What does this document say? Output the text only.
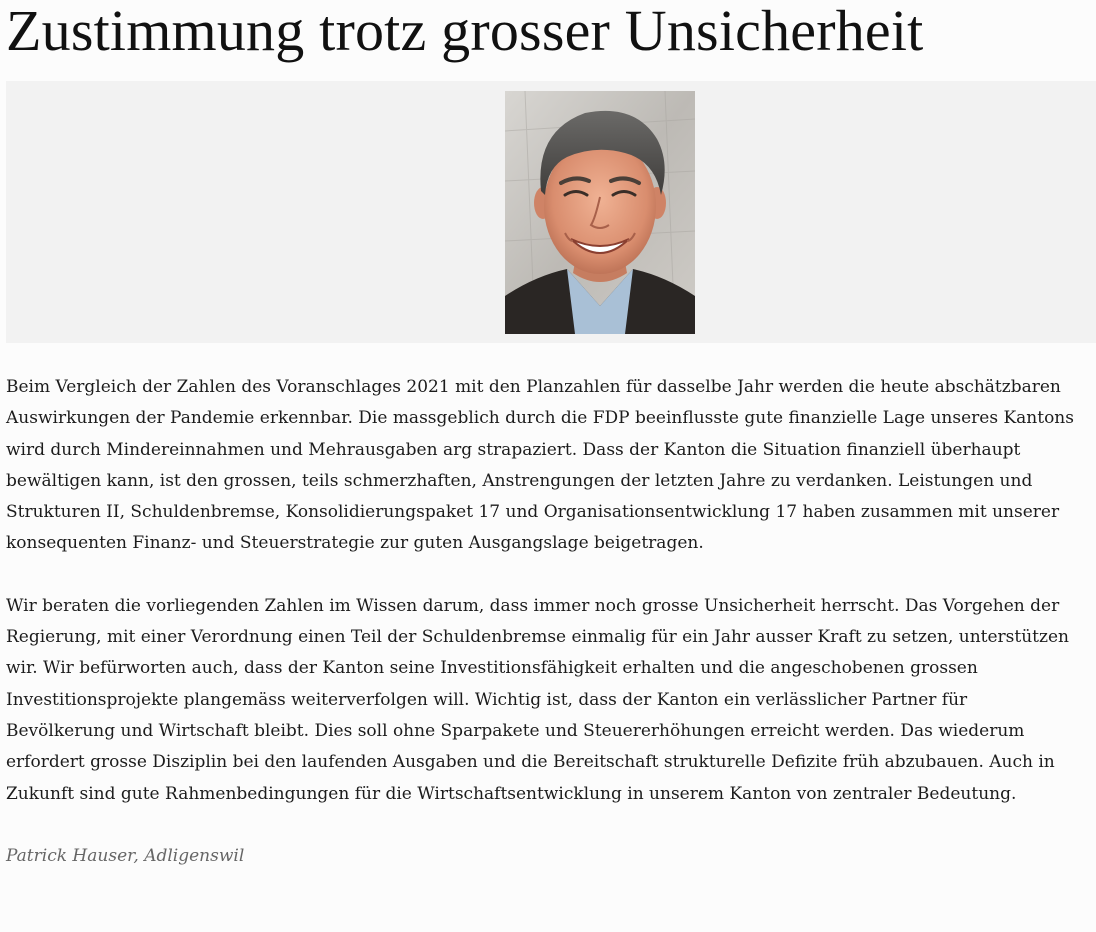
Zustimmung trotz grosser Unsicherheit

Beim Vergleich der Zahlen des Voranschlages 2021 mit den Planzahlen für dasselbe Jahr werden die heute abschätzbaren Auswirkungen der Pandemie erkennbar. Die massgeblich durch die FDP beeinflusste gute finanzielle Lage unseres Kantons wird durch Mindereinnahmen und Mehrausgaben arg strapaziert. Dass der Kanton die Situation finanziell überhaupt bewältigen kann, ist den grossen, teils schmerzhaften, Anstrengungen der letzten Jahre zu verdanken. Leistungen und Strukturen II, Schuldenbremse, Konsolidierungspaket 17 und Organisationsentwicklung 17 haben zusammen mit unserer konsequenten Finanz- und Steuerstrategie zur guten Ausgangslage beigetragen.

Wir beraten die vorliegenden Zahlen im Wissen darum, dass immer noch grosse Unsicherheit herrscht. Das Vorgehen der Regierung, mit einer Verordnung einen Teil der Schuldenbremse einmalig für ein Jahr ausser Kraft zu setzen, unterstützen wir. Wir befürworten auch, dass der Kanton seine Investitionsfähigkeit erhalten und die angeschobenen grossen Investitionsprojekte plangemäss weiterverfolgen will. Wichtig ist, dass der Kanton ein verlässlicher Partner für Bevölkerung und Wirtschaft bleibt. Dies soll ohne Sparpakete und Steuererhöhungen erreicht werden. Das wiederum erfordert grosse Disziplin bei den laufenden Ausgaben und die Bereitschaft strukturelle Defizite früh abzubauen. Auch in Zukunft sind gute Rahmenbedingungen für die Wirtschaftsentwicklung in unserem Kanton von zentraler Bedeutung.

Patrick Hauser, Adligenswil
